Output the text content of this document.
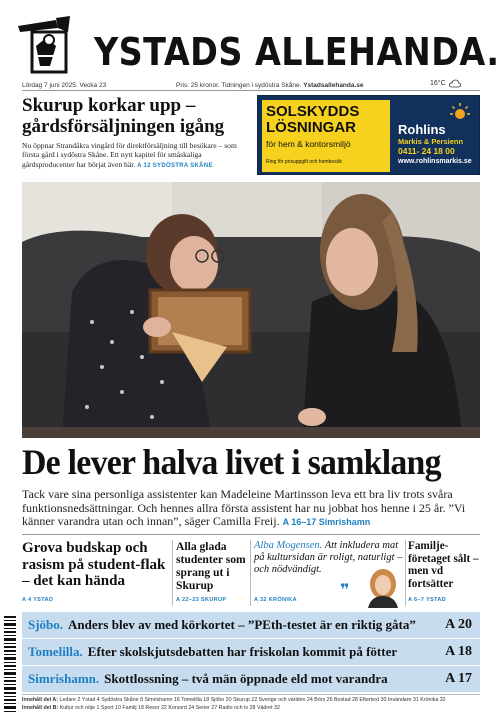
YSTADS ALLEHANDA.
Lördag 7 juni 2025. Vecka 23	Pris: 25 kronor. Tidningen i sydöstra Skåne. Ystadsallehanda.se	16°C
Skurup korkar upp – gårdsförsäljningen igång
Nu öppnar Strandåkra vingård för direktförsäljning till besökare – som första gård i sydöstra Skåne. Ett nytt kapitel för småskaliga gårdsproducenter har börjat även här. A 12 SYDÖSTRA SKÅNE
SOLSKYDDS
LÖSNINGAR
för hem & kontorsmiljö
Ring för prisuppgift och hembesök
Rohlins
Markis & Persienn
0411- 24 18 00
www.rohlinsmarkis.se
De lever halva livet i samklang
Tack vare sina personliga assistenter kan Madeleine Martinsson leva ett bra liv trots svåra funktionsnedsättningar. Och hennes allra första assistent har nu jobbat hos henne i 25 år. ”Vi känner varandra utan och innan”, säger Camilla Freij. A 16–17 Simrishamn
Grova budskap och rasism på student-flak – det kan hända
A 4 YSTAD
Alla glada studenter som sprang ut i Skurup
A 22–23 SKURUP
Alba Mogensen. Att inkludera mat på kultursidan är roligt, naturligt – och nödvändigt.
❞
A 32 KRÖNIKA
Familje-företaget sålt – men vd fortsätter
A 6–7 YSTAD
Sjöbo. Anders blev av med körkortet – ”PEth-testet är en riktig gåta” A 20
Tomelilla. Efter skolskjutsdebatten har friskolan kommit på fötter	A 18
Simrishamn. Skottlossning – två män öppnade eld mot varandra	A 17
Innehåll del A: Ledare 2 Ystad 4 Sydöstra Skåne 8 Simrishamn 16 Tomelilla 18 Sjöbo 20 Skurup 22 Sverige och världen 24 Börs 26 Bostad 28 Eftertext 30 Insändare 31 Krönika 32
Innehåll del B: Kultur och nöje 1 Sport 10 Familj 18 Resor 22 Korsord 24 Serier 27 Radio och tv 28 Vädret 32
